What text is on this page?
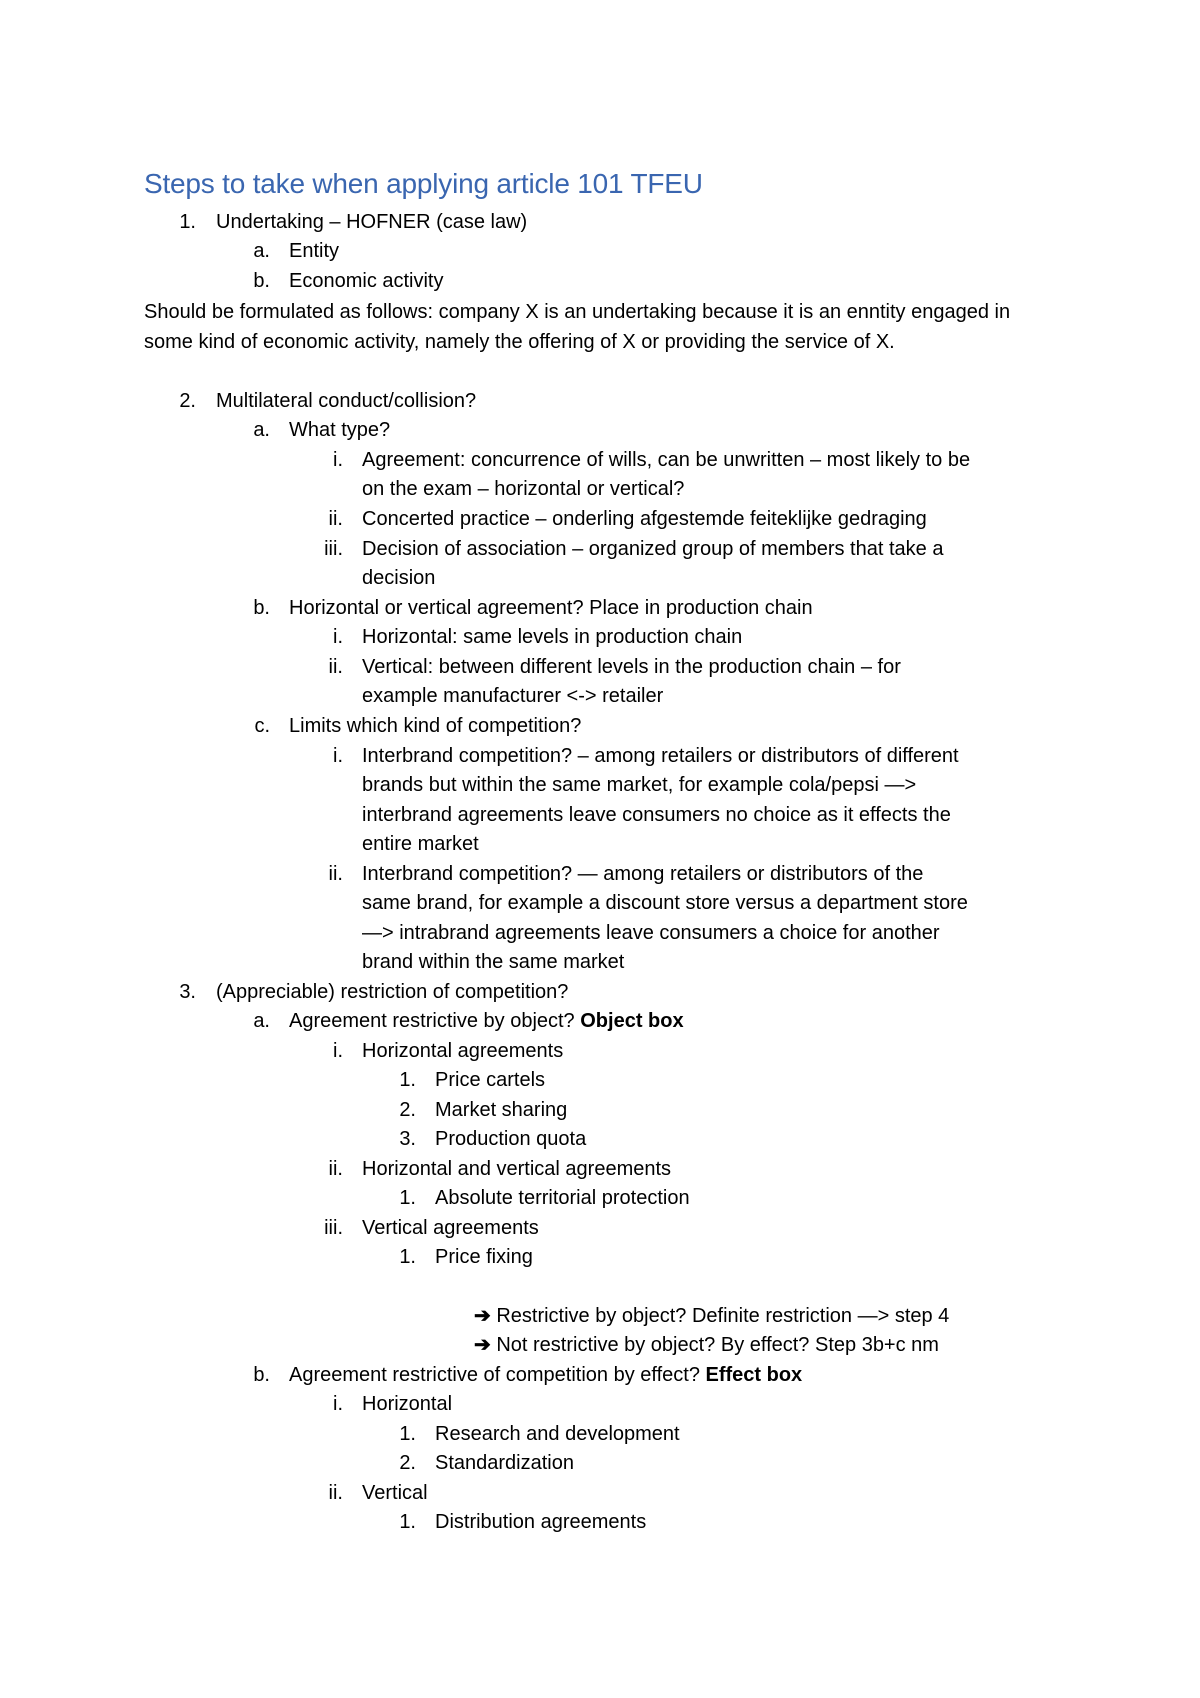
Steps to take when applying article 101 TFEU
1. Undertaking – HOFNER (case law)
a. Entity
b. Economic activity
Should be formulated as follows: company X is an undertaking because it is an enntity engaged in some kind of economic activity, namely the offering of X or providing the service of X.
2. Multilateral conduct/collision?
a. What type?
i. Agreement: concurrence of wills, can be unwritten – most likely to be
on the exam – horizontal or vertical?
ii. Concerted practice – onderling afgestemde feiteklijke gedraging
iii. Decision of association – organized group of members that take a
decision
b. Horizontal or vertical agreement? Place in production chain
i. Horizontal: same levels in production chain
ii. Vertical: between different levels in the production chain – for
example manufacturer <-> retailer
c. Limits which kind of competition?
i. Interbrand competition? – among retailers or distributors of different
brands but within the same market, for example cola/pepsi —>
interbrand agreements leave consumers no choice as it effects the
entire market
ii. Interbrand competition? — among retailers or distributors of the
same brand, for example a discount store versus a department store
—> intrabrand agreements leave consumers a choice for another
brand within the same market
3. (Appreciable) restriction of competition?
a. Agreement restrictive by object? Object box
i. Horizontal agreements
1. Price cartels
2. Market sharing
3. Production quota
ii. Horizontal and vertical agreements
1. Absolute territorial protection
iii. Vertical agreements
1. Price fixing
➔ Restrictive by object? Definite restriction —> step 4
➔ Not restrictive by object? By effect? Step 3b+c nm
b. Agreement restrictive of competition by effect? Effect box
i. Horizontal
1. Research and development
2. Standardization
ii. Vertical
1. Distribution agreements
